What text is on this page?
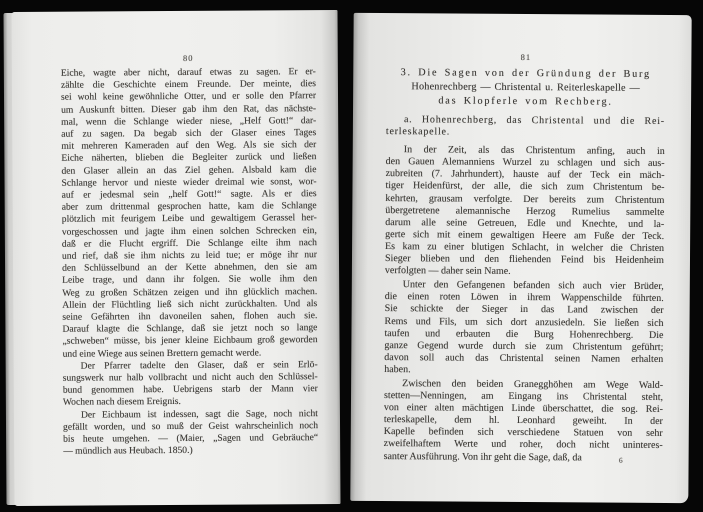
80
Eiche, wagte aber nicht, darauf etwas zu sagen. Er er-
zählte die Geschichte einem Freunde. Der meinte, dies
sei wohl keine gewöhnliche Otter, und er solle den Pfarrer
um Auskunft bitten. Dieser gab ihm den Rat, das nächste-
mal, wenn die Schlange wieder niese, „Helf Gott!“ dar-
auf zu sagen. Da begab sich der Glaser eines Tages
mit mehreren Kameraden auf den Weg. Als sie sich der
Eiche näherten, blieben die Begleiter zurück und ließen
den Glaser allein an das Ziel gehen. Alsbald kam die
Schlange hervor und nieste wieder dreimal wie sonst, wor-
auf er jedesmal sein „helf Gott!“ sagte. Als er dies
aber zum drittenmal gesprochen hatte, kam die Schlange
plötzlich mit feurigem Leibe und gewaltigem Gerassel her-
vorgeschossen und jagte ihm einen solchen Schrecken ein,
daß er die Flucht ergriff. Die Schlange eilte ihm nach
und rief, daß sie ihm nichts zu leid tue; er möge ihr nur
den Schlüsselbund an der Kette abnehmen, den sie am
Leibe trage, und dann ihr folgen. Sie wolle ihm den
Weg zu großen Schätzen zeigen und ihn glücklich machen.
Allein der Flüchtling ließ sich nicht zurückhalten. Und als
seine Gefährten ihn davoneilen sahen, flohen auch sie.
Darauf klagte die Schlange, daß sie jetzt noch so lange
„schweben“ müsse, bis jener kleine Eichbaum groß geworden
und eine Wiege aus seinen Brettern gemacht werde.
Der Pfarrer tadelte den Glaser, daß er sein Erlö-
sungswerk nur halb vollbracht und nicht auch den Schlüssel-
bund genommen habe. Uebrigens starb der Mann vier
Wochen nach diesem Ereignis.
Der Eichbaum ist indessen, sagt die Sage, noch nicht
gefällt worden, und so muß der Geist wahrscheinlich noch
bis heute umgehen. — (Maier, „Sagen und Gebräuche“
— mündlich aus Heubach. 1850.)
81
3. Die Sagen von der Gründung der Burg
Hohenrechberg — Christental u. Reiterleskapelle —
das Klopferle vom Rechberg.
a. Hohenrechberg, das Christental und die Rei-
terleskapelle.
In der Zeit, als das Christentum anfing, auch in
den Gauen Alemanniens Wurzel zu schlagen und sich aus-
zubreiten (7. Jahrhundert), hauste auf der Teck ein mäch-
tiger Heidenfürst, der alle, die sich zum Christentum be-
kehrten, grausam verfolgte. Der bereits zum Christentum
übergetretene alemannische Herzog Rumelius sammelte
darum alle seine Getreuen, Edle und Knechte, und la-
gerte sich mit einem gewaltigen Heere am Fuße der Teck.
Es kam zu einer blutigen Schlacht, in welcher die Christen
Sieger blieben und den fliehenden Feind bis Heidenheim
verfolgten — daher sein Name.
Unter den Gefangenen befanden sich auch vier Brüder,
die einen roten Löwen in ihrem Wappenschilde führten.
Sie schickte der Sieger in das Land zwischen der
Rems und Fils, um sich dort anzusiedeln. Sie ließen sich
taufen und erbauten die Burg Hohenrechberg. Die
ganze Gegend wurde durch sie zum Christentum geführt;
davon soll auch das Christental seinen Namen erhalten
haben.
Zwischen den beiden Granegghöhen am Wege Wald-
stetten—Nenningen, am Eingang ins Christental steht,
von einer alten mächtigen Linde überschattet, die sog. Rei-
terleskapelle, dem hl. Leonhard geweiht. In der
Kapelle befinden sich verschiedene Statuen von sehr
zweifelhaftem Werte und roher, doch nicht uninteres-
santer Ausführung. Von ihr geht die Sage, daß, da	6
